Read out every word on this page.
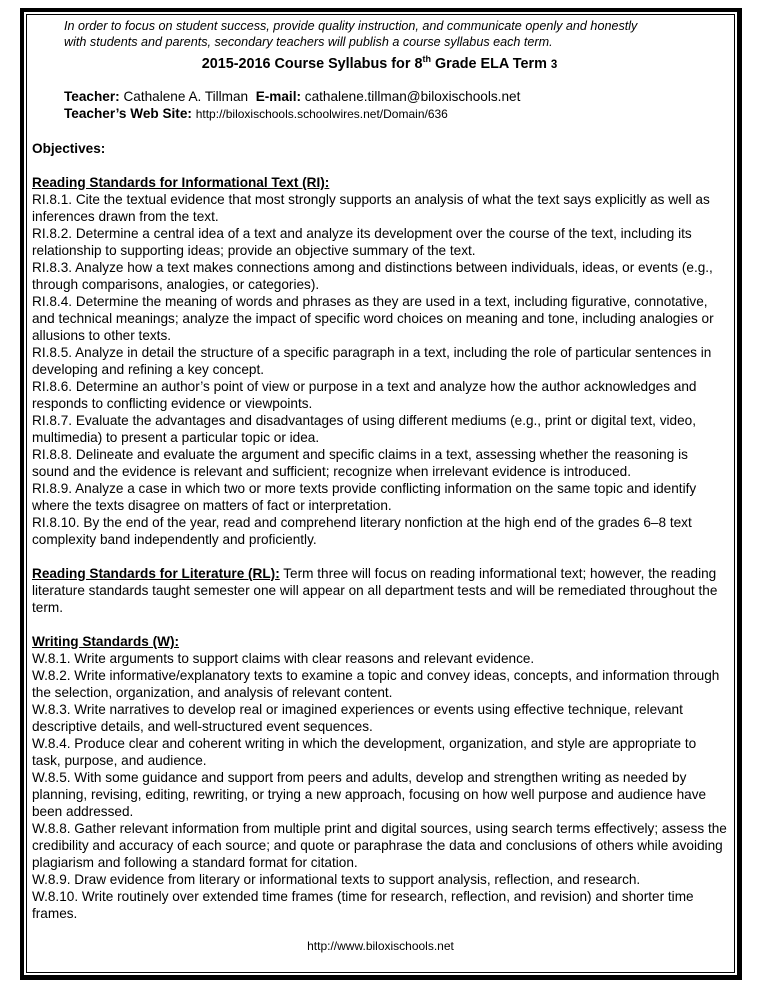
In order to focus on student success, provide quality instruction, and communicate openly and honestly
with students and parents, secondary teachers will publish a course syllabus each term.
2015-2016 Course Syllabus for 8th Grade ELA Term 3
Teacher: Cathalene A. Tillman E-mail: cathalene.tillman@biloxischools.net
Teacher’s Web Site: http://biloxischools.schoolwires.net/Domain/636
Objectives:
Reading Standards for Informational Text (RI):
RI.8.1. Cite the textual evidence that most strongly supports an analysis of what the text says explicitly as well as inferences drawn from the text.
RI.8.2. Determine a central idea of a text and analyze its development over the course of the text, including its relationship to supporting ideas; provide an objective summary of the text.
RI.8.3. Analyze how a text makes connections among and distinctions between individuals, ideas, or events (e.g., through comparisons, analogies, or categories).
RI.8.4. Determine the meaning of words and phrases as they are used in a text, including figurative, connotative, and technical meanings; analyze the impact of specific word choices on meaning and tone, including analogies or allusions to other texts.
RI.8.5. Analyze in detail the structure of a specific paragraph in a text, including the role of particular sentences in developing and refining a key concept.
RI.8.6. Determine an author’s point of view or purpose in a text and analyze how the author acknowledges and responds to conflicting evidence or viewpoints.
RI.8.7. Evaluate the advantages and disadvantages of using different mediums (e.g., print or digital text, video, multimedia) to present a particular topic or idea.
RI.8.8. Delineate and evaluate the argument and specific claims in a text, assessing whether the reasoning is sound and the evidence is relevant and sufficient; recognize when irrelevant evidence is introduced.
RI.8.9. Analyze a case in which two or more texts provide conflicting information on the same topic and identify where the texts disagree on matters of fact or interpretation.
RI.8.10. By the end of the year, read and comprehend literary nonfiction at the high end of the grades 6–8 text complexity band independently and proficiently.
Reading Standards for Literature (RL): Term three will focus on reading informational text; however, the reading literature standards taught semester one will appear on all department tests and will be remediated throughout the term.
Writing Standards (W):
W.8.1. Write arguments to support claims with clear reasons and relevant evidence.
W.8.2. Write informative/explanatory texts to examine a topic and convey ideas, concepts, and information through the selection, organization, and analysis of relevant content.
W.8.3. Write narratives to develop real or imagined experiences or events using effective technique, relevant descriptive details, and well-structured event sequences.
W.8.4. Produce clear and coherent writing in which the development, organization, and style are appropriate to task, purpose, and audience.
W.8.5. With some guidance and support from peers and adults, develop and strengthen writing as needed by planning, revising, editing, rewriting, or trying a new approach, focusing on how well purpose and audience have been addressed.
W.8.8. Gather relevant information from multiple print and digital sources, using search terms effectively; assess the credibility and accuracy of each source; and quote or paraphrase the data and conclusions of others while avoiding plagiarism and following a standard format for citation.
W.8.9. Draw evidence from literary or informational texts to support analysis, reflection, and research.
W.8.10. Write routinely over extended time frames (time for research, reflection, and revision) and shorter time frames.
http://www.biloxischools.net
